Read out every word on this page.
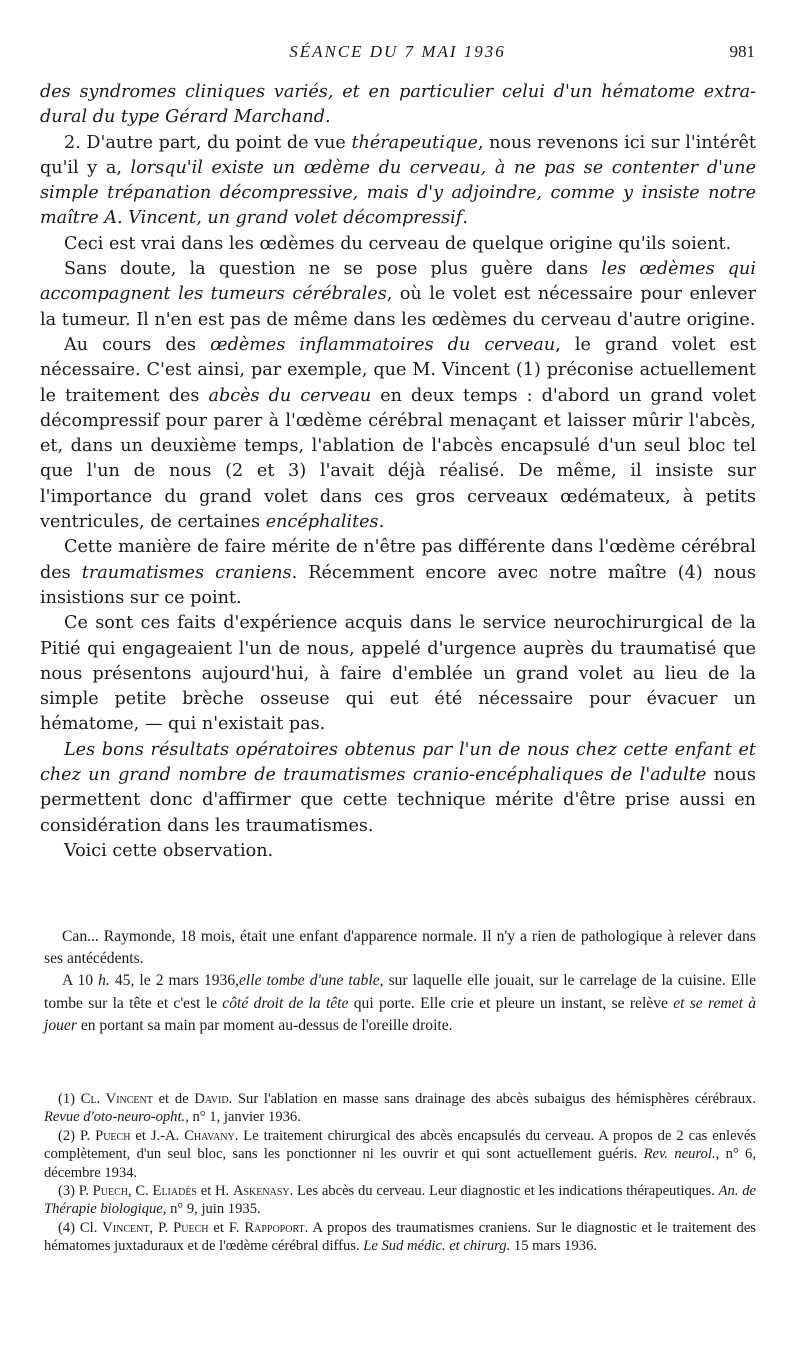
SÉANCE DU 7 MAI 1936	981

des syndromes cliniques variés, et en particulier celui d'un hématome extra-dural du type Gérard Marchand.

2. D'autre part, du point de vue thérapeutique, nous revenons ici sur l'intérêt qu'il y a, lorsqu'il existe un œdème du cerveau, à ne pas se contenter d'une simple trépanation décompressive, mais d'y adjoindre, comme y insiste notre maître A. Vincent, un grand volet décompressif.

Ceci est vrai dans les œdèmes du cerveau de quelque origine qu'ils soient.

Sans doute, la question ne se pose plus guère dans les œdèmes qui accompagnent les tumeurs cérébrales, où le volet est nécessaire pour enlever la tumeur. Il n'en est pas de même dans les œdèmes du cerveau d'autre origine.

Au cours des œdèmes inflammatoires du cerveau, le grand volet est nécessaire. C'est ainsi, par exemple, que M. Vincent (1) préconise actuellement le traitement des abcès du cerveau en deux temps : d'abord un grand volet décompressif pour parer à l'œdème cérébral menaçant et laisser mûrir l'abcès, et, dans un deuxième temps, l'ablation de l'abcès encapsulé d'un seul bloc tel que l'un de nous (2 et 3) l'avait déjà réalisé. De même, il insiste sur l'importance du grand volet dans ces gros cerveaux œdémateux, à petits ventricules, de certaines encéphalites.

Cette manière de faire mérite de n'être pas différente dans l'œdème cérébral des traumatismes craniens. Récemment encore avec notre maître (4) nous insistions sur ce point.

Ce sont ces faits d'expérience acquis dans le service neurochirurgical de la Pitié qui engageaient l'un de nous, appelé d'urgence auprès du traumatisé que nous présentons aujourd'hui, à faire d'emblée un grand volet au lieu de la simple petite brèche osseuse qui eut été nécessaire pour évacuer un hématome, — qui n'existait pas.

Les bons résultats opératoires obtenus par l'un de nous chez cette enfant et chez un grand nombre de traumatismes cranio-encéphaliques de l'adulte nous permettent donc d'affirmer que cette technique mérite d'être prise aussi en considération dans les traumatismes.

Voici cette observation.

Can... Raymonde, 18 mois, était une enfant d'apparence normale. Il n'y a rien de pathologique à relever dans ses antécédents.

A 10 h. 45, le 2 mars 1936,elle tombe d'une table, sur laquelle elle jouait, sur le carrelage de la cuisine. Elle tombe sur la tête et c'est le côté droit de la tête qui porte. Elle crie et pleure un instant, se relève et se remet à jouer en portant sa main par moment au-dessus de l'oreille droite.

(1) Cl. Vincent et de David. Sur l'ablation en masse sans drainage des abcès subaigus des hémisphères cérébraux. Revue d'oto-neuro-opht., n° 1, janvier 1936.

(2) P. Puech et J.-A. Chavany. Le traitement chirurgical des abcès encapsulés du cerveau. A propos de 2 cas enlevés complètement, d'un seul bloc, sans les ponctionner ni les ouvrir et qui sont actuellement guéris. Rev. neurol., n° 6, décembre 1934.

(3) P. Puech, C. Eliadès et H. Askenasy. Les abcès du cerveau. Leur diagnostic et les indications thérapeutiques. An. de Thérapie biologique, n° 9, juin 1935.

(4) Cl. Vincent, P. Puech et F. Rappoport. A propos des traumatismes craniens. Sur le diagnostic et le traitement des hématomes juxtaduraux et de l'œdème cérébral diffus. Le Sud médic. et chirurg. 15 mars 1936.
